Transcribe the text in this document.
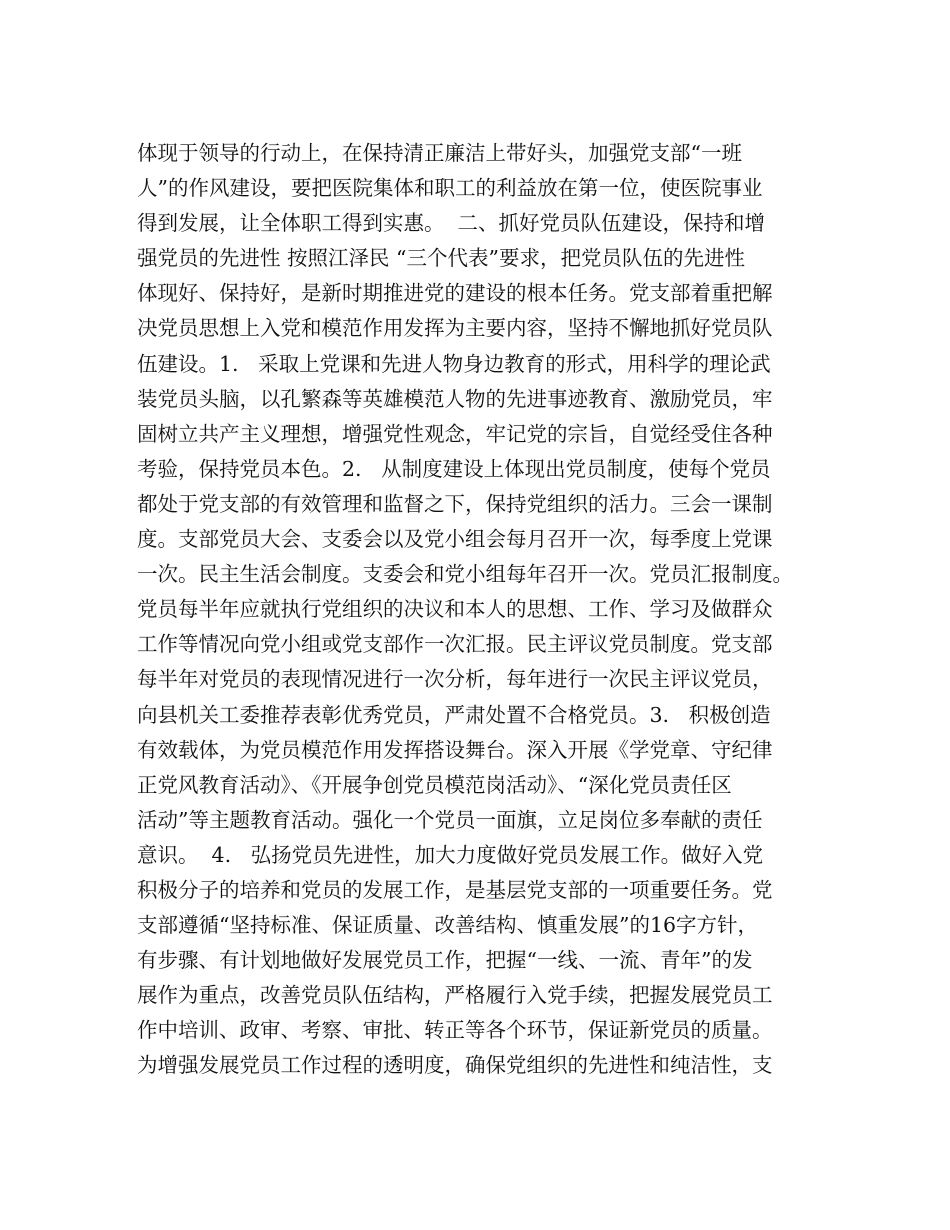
体现于领导的行动上，在保持清正廉洁上带好头，加强党支部“一班
人”的作风建设，要把医院集体和职工的利益放在第一位，使医院事业
得到发展，让全体职工得到实惠。  二、抓好党员队伍建设，保持和增
强党员的先进性 按照江泽民 “三个代表”要求，把党员队伍的先进性
体现好、保持好，是新时期推进党的建设的根本任务。党支部着重把解
决党员思想上入党和模范作用发挥为主要内容，坚持不懈地抓好党员队
伍建设。1.   采取上党课和先进人物身边教育的形式，用科学的理论武
装党员头脑，以孔繁森等英雄模范人物的先进事迹教育、激励党员，牢
固树立共产主义理想，增强党性观念，牢记党的宗旨，自觉经受住各种
考验，保持党员本色。2.   从制度建设上体现出党员制度，使每个党员
都处于党支部的有效管理和监督之下，保持党组织的活力。三会一课制
度。支部党员大会、支委会以及党小组会每月召开一次，每季度上党课
一次。民主生活会制度。支委会和党小组每年召开一次。党员汇报制度。
党员每半年应就执行党组织的决议和本人的思想、工作、学习及做群众
工作等情况向党小组或党支部作一次汇报。民主评议党员制度。党支部
每半年对党员的表现情况进行一次分析，每年进行一次民主评议党员，
向县机关工委推荐表彰优秀党员，严肃处置不合格党员。3.   积极创造
有效载体，为党员模范作用发挥搭设舞台。深入开展《学党章、守纪律
正党风教育活动》、《开展争创党员模范岗活动》、“深化党员责任区
活动”等主题教育活动。强化一个党员一面旗，立足岗位多奉献的责任
意识。  4.   弘扬党员先进性，加大力度做好党员发展工作。做好入党
积极分子的培养和党员的发展工作，是基层党支部的一项重要任务。党
支部遵循“坚持标准、保证质量、改善结构、慎重发展”的16字方针，
有步骤、有计划地做好发展党员工作，把握“一线、一流、青年”的发
展作为重点，改善党员队伍结构，严格履行入党手续，把握发展党员工
作中培训、政审、考察、审批、转正等各个环节，保证新党员的质量。
为增强发展党员工作过程的透明度，确保党组织的先进性和纯洁性，支
